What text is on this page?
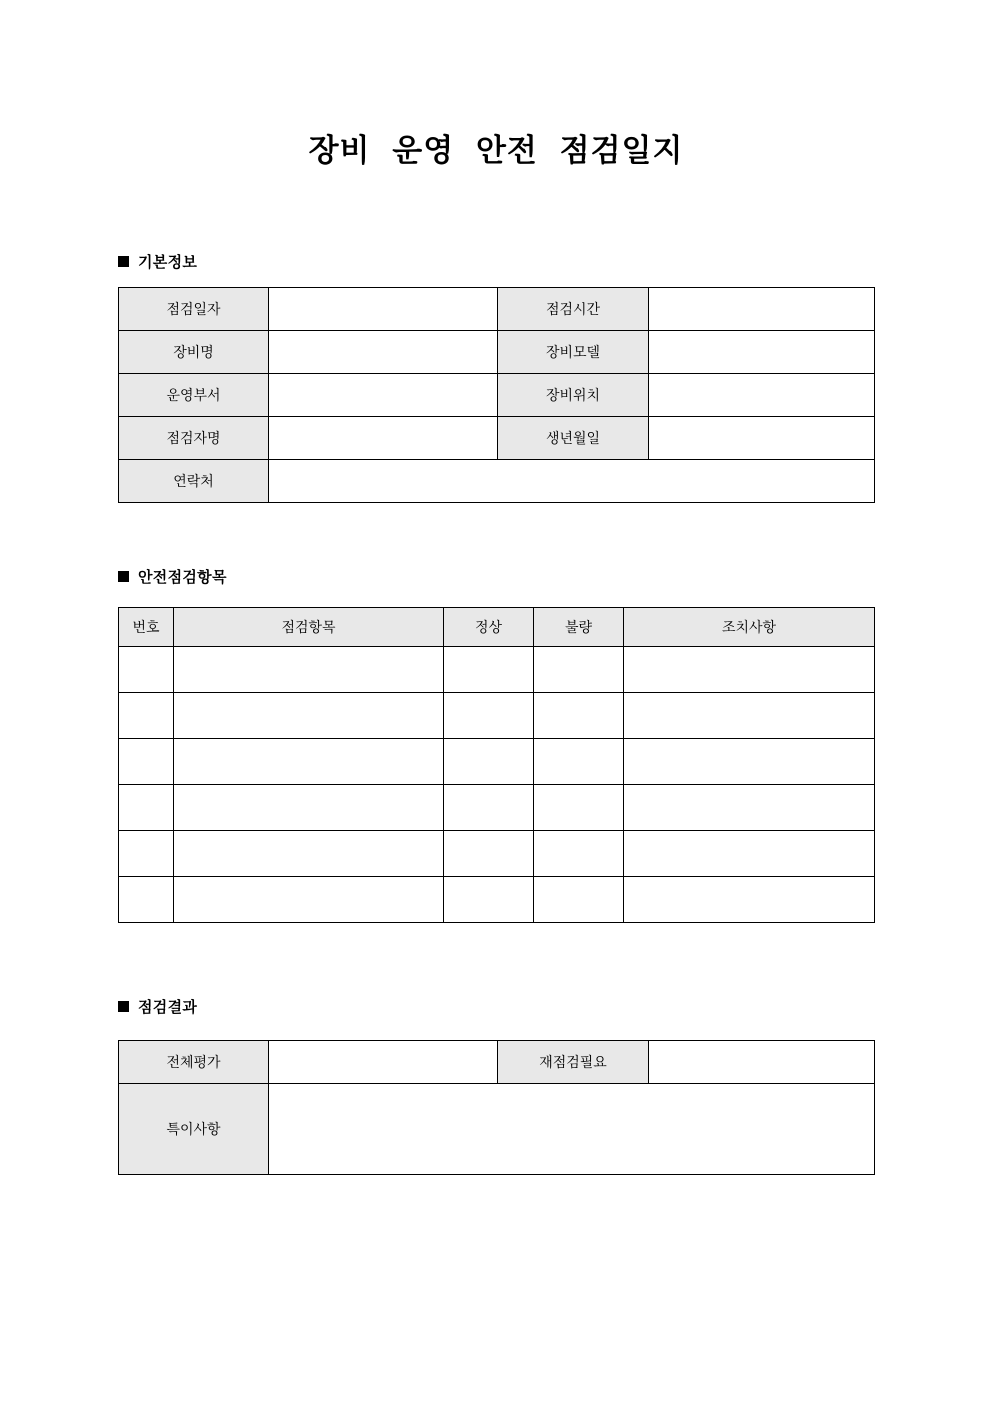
장비 운영 안전 점검일지
기본정보
점검일자		점검시간	
장비명		장비모델	
운영부서		장비위치	
점검자명		생년월일	
연락처			
안전점검항목
번호	점검항목	정상	불량	조치사항

점검결과
전체평가		재점검필요	
특이사항			
